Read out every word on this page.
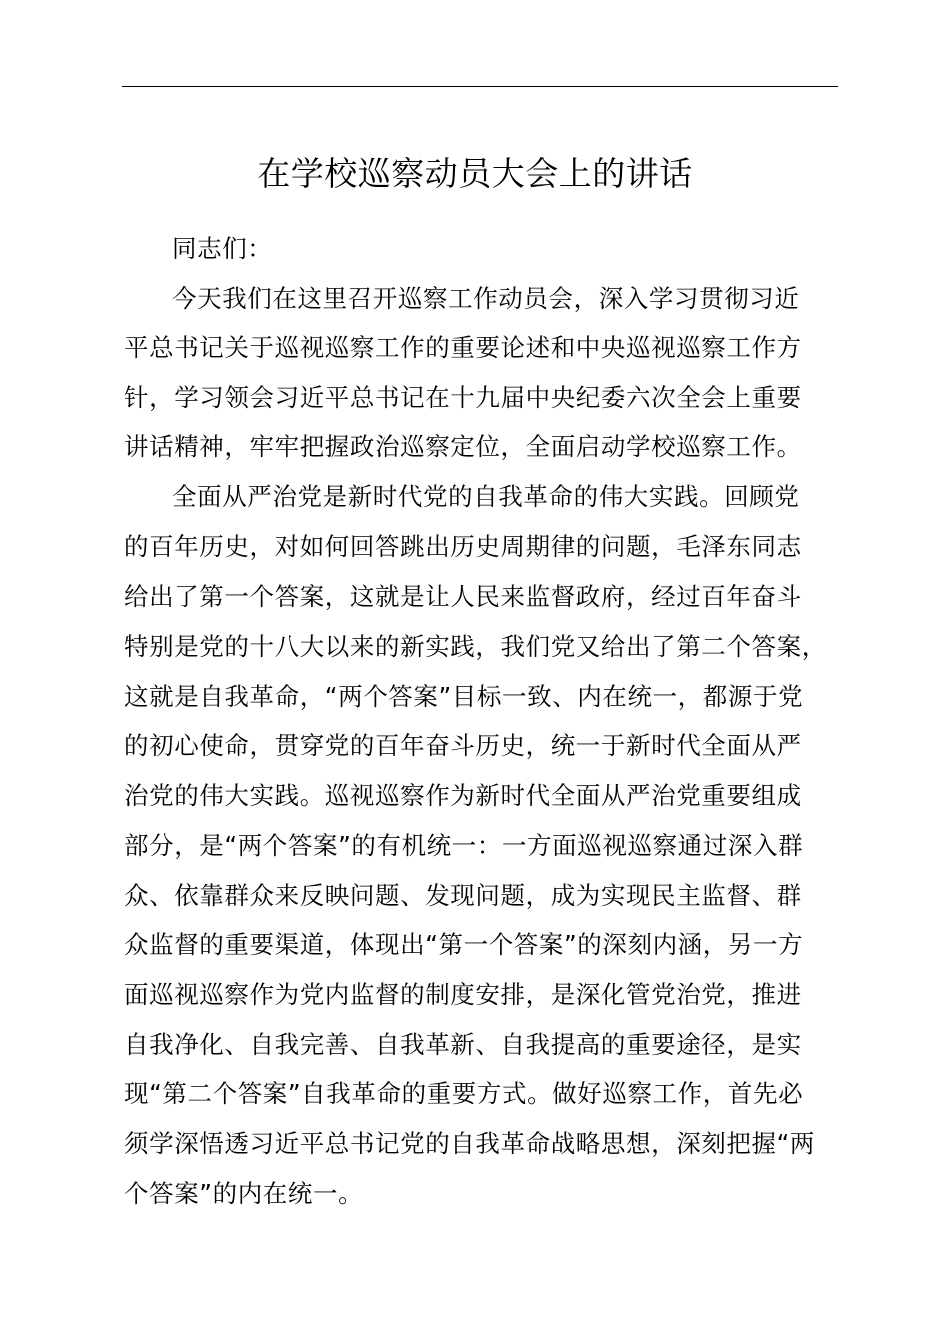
在学校巡察动员大会上的讲话

同志们：

今天我们在这里召开巡察工作动员会，深入学习贯彻习近

平总书记关于巡视巡察工作的重要论述和中央巡视巡察工作方

针，学习领会习近平总书记在十九届中央纪委六次全会上重要

讲话精神，牢牢把握政治巡察定位，全面启动学校巡察工作。

全面从严治党是新时代党的自我革命的伟大实践。回顾党

的百年历史，对如何回答跳出历史周期律的问题，毛泽东同志

给出了第一个答案，这就是让人民来监督政府，经过百年奋斗

特别是党的十八大以来的新实践，我们党又给出了第二个答案，

这就是自我革命，“两个答案”目标一致、内在统一，都源于党

的初心使命，贯穿党的百年奋斗历史，统一于新时代全面从严

治党的伟大实践。巡视巡察作为新时代全面从严治党重要组成

部分，是“两个答案”的有机统一：一方面巡视巡察通过深入群

众、依靠群众来反映问题、发现问题，成为实现民主监督、群

众监督的重要渠道，体现出“第一个答案”的深刻内涵，另一方

面巡视巡察作为党内监督的制度安排，是深化管党治党，推进

自我净化、自我完善、自我革新、自我提高的重要途径，是实

现“第二个答案”自我革命的重要方式。做好巡察工作，首先必

须学深悟透习近平总书记党的自我革命战略思想，深刻把握“两

个答案”的内在统一。
